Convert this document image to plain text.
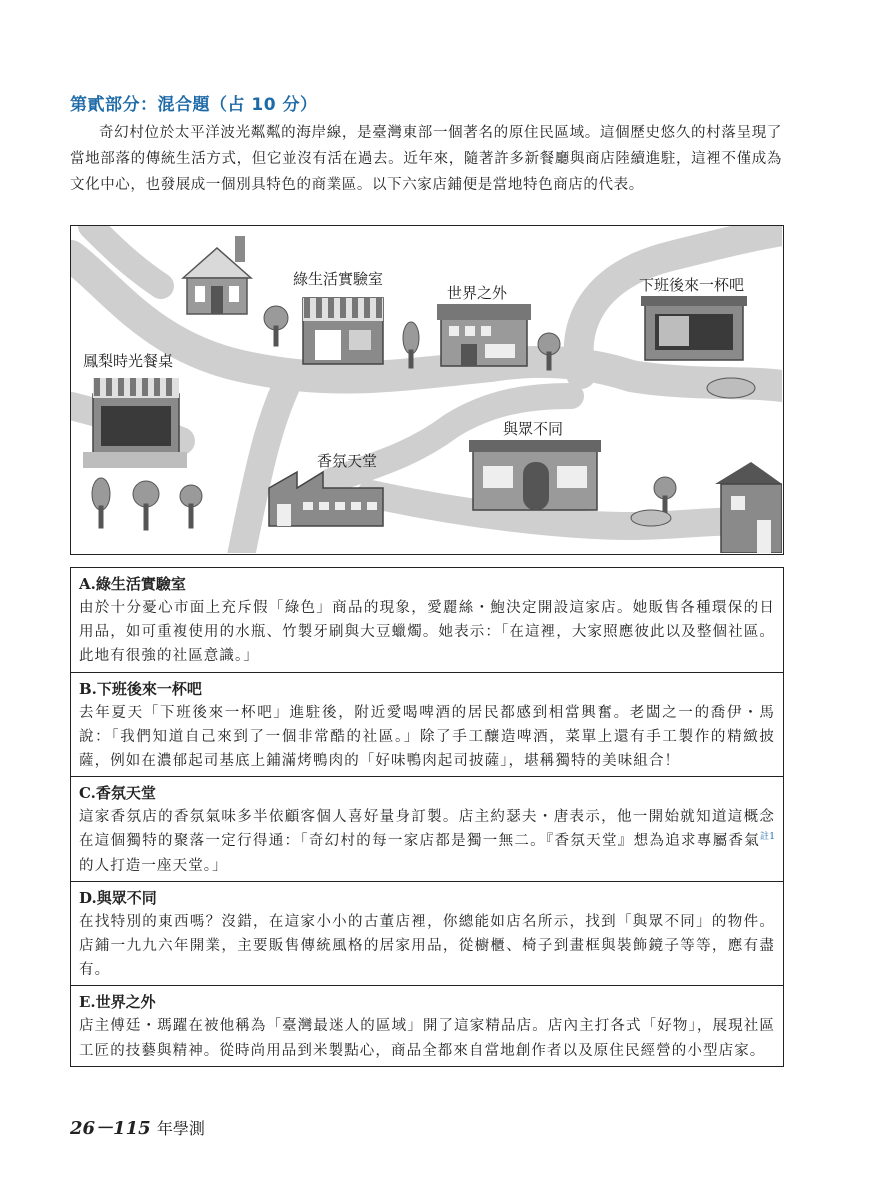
第貳部分：混合題（占 10 分）
奇幻村位於太平洋波光粼粼的海岸線，是臺灣東部一個著名的原住民區域。這個歷史悠久的村落呈現了當地部落的傳統生活方式，但它並沒有活在過去。近年來，隨著許多新餐廳與商店陸續進駐，這裡不僅成為文化中心，也發展成一個別具特色的商業區。以下六家店鋪便是當地特色商店的代表。
綠生活實驗室
世界之外	下班後來一杯吧
鳳梨時光餐桌
香氛天堂
與眾不同
A.綠生活實驗室
由於十分憂心市面上充斥假「綠色」商品的現象，愛麗絲・鮑決定開設這家店。她販售各種環保的日用品，如可重複使用的水瓶、竹製牙刷與大豆蠟燭。她表示：「在這裡，大家照應彼此以及整個社區。此地有很強的社區意識。」
B.下班後來一杯吧
去年夏天「下班後來一杯吧」進駐後，附近愛喝啤酒的居民都感到相當興奮。老闆之一的喬伊・馬說：「我們知道自己來到了一個非常酷的社區。」除了手工釀造啤酒，菜單上還有手工製作的精緻披薩，例如在濃郁起司基底上鋪滿烤鴨肉的「好味鴨肉起司披薩」，堪稱獨特的美味組合！
C.香氛天堂
這家香氛店的香氛氣味多半依顧客個人喜好量身訂製。店主約瑟夫・唐表示，他一開始就知道這概念在這個獨特的聚落一定行得通：「奇幻村的每一家店都是獨一無二。『香氛天堂』想為追求專屬香氣$^{註1}$的人打造一座天堂。」
D.與眾不同
在找特別的東西嗎？沒錯，在這家小小的古董店裡，你總能如店名所示，找到「與眾不同」的物件。店鋪一九九六年開業，主要販售傳統風格的居家用品，從櫥櫃、椅子到畫框與裝飾鏡子等等，應有盡有。
E.世界之外
店主傅廷・瑪躍在被他稱為「臺灣最迷人的區域」開了這家精品店。店內主打各式「好物」，展現社區工匠的技藝與精神。從時尚用品到米製點心，商品全都來自當地創作者以及原住民經營的小型店家。
26－115 年學測
